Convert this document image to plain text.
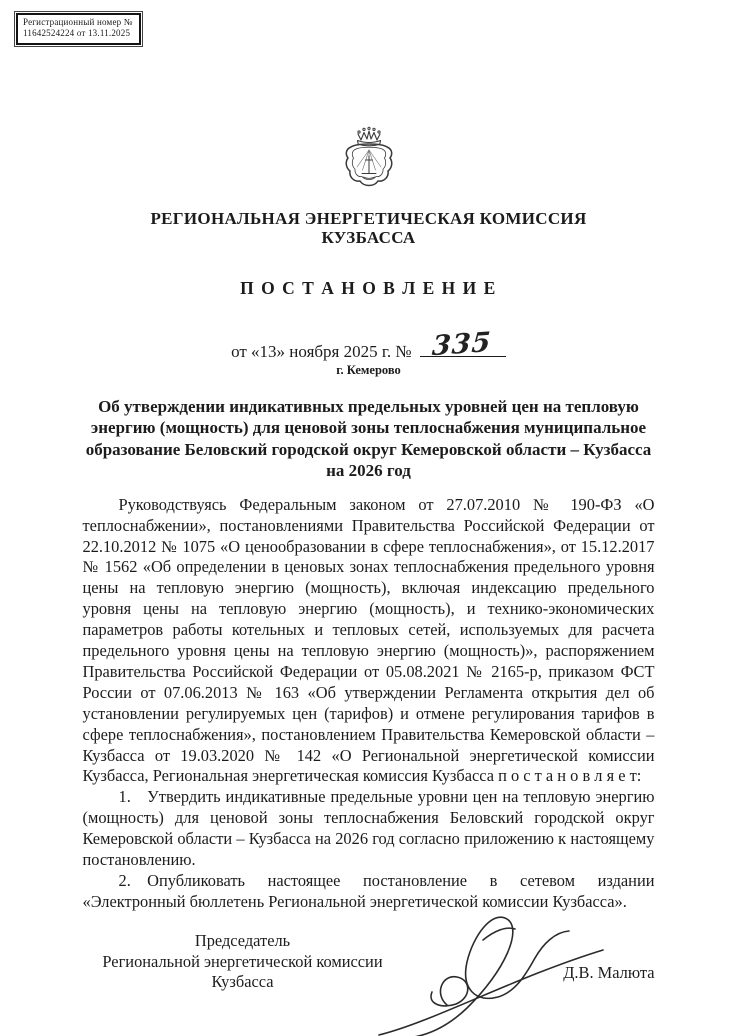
Регистрационный номер №
11642524224 от 13.11.2025
РЕГИОНАЛЬНАЯ ЭНЕРГЕТИЧЕСКАЯ КОМИССИЯ
КУЗБАССА
П О С Т А Н О В Л Е Н И Е
от «13» ноября 2025 г. № 335
г. Кемерово
Об утверждении индикативных предельных уровней цен на тепловую энергию (мощность) для ценовой зоны теплоснабжения муниципальное образование Беловский городской округ Кемеровской области – Кузбасса на 2026 год

Руководствуясь Федеральным законом от 27.07.2010 № 190-ФЗ «О теплоснабжении», постановлениями Правительства Российской Федерации от 22.10.2012 № 1075 «О ценообразовании в сфере теплоснабжения», от 15.12.2017 № 1562 «Об определении в ценовых зонах теплоснабжения предельного уровня цены на тепловую энергию (мощность), включая индексацию предельного уровня цены на тепловую энергию (мощность), и технико-экономических параметров работы котельных и тепловых сетей, используемых для расчета предельного уровня цены на тепловую энергию (мощность)», распоряжением Правительства Российской Федерации от 05.08.2021 № 2165-р, приказом ФСТ России от 07.06.2013 № 163 «Об утверждении Регламента открытия дел об установлении регулируемых цен (тарифов) и отмене регулирования тарифов в сфере теплоснабжения», постановлением Правительства Кемеровской области – Кузбасса от 19.03.2020 № 142 «О Региональной энергетической комиссии Кузбасса, Региональная энергетическая комиссия Кузбасса п о с т а н о в л я е т:

1. Утвердить индикативные предельные уровни цен на тепловую энергию (мощность) для ценовой зоны теплоснабжения Беловский городской округ Кемеровской области – Кузбасса на 2026 год согласно приложению к настоящему постановлению.

2. Опубликовать настоящее постановление в сетевом издании «Электронный бюллетень Региональной энергетической комиссии Кузбасса».

Председатель
Региональной энергетической комиссии
Кузбасса
Д.В. Малюта
